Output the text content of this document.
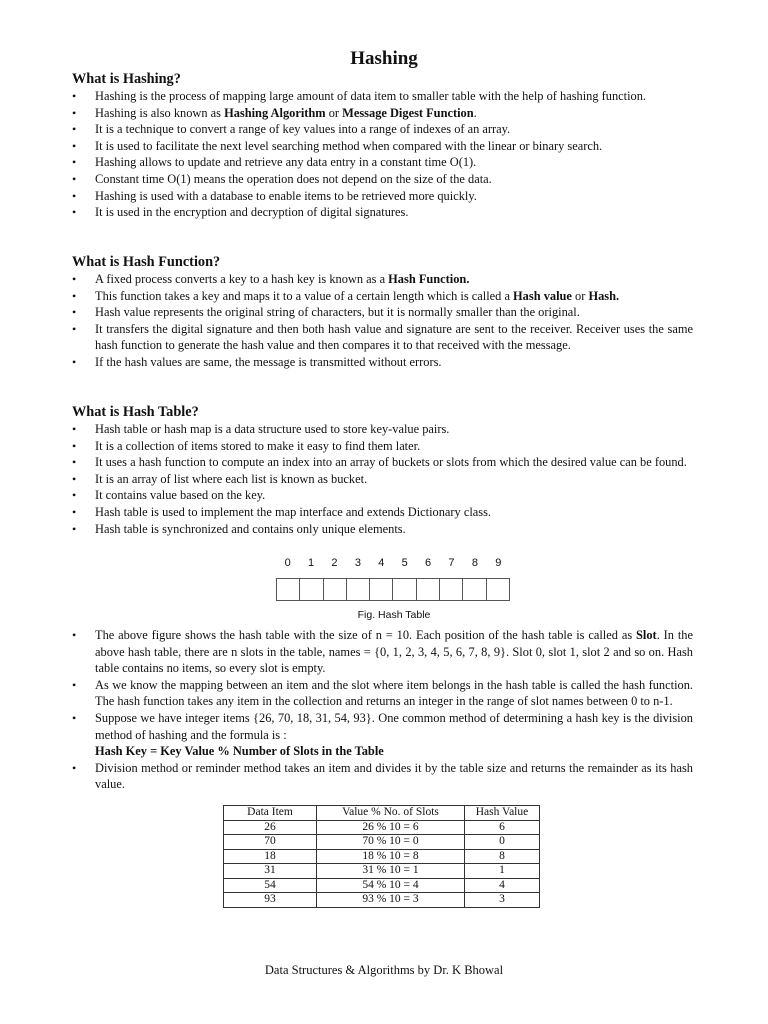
Hashing
What is Hashing?
• Hashing is the process of mapping large amount of data item to smaller table with the help of hashing function.
• Hashing is also known as Hashing Algorithm or Message Digest Function.
• It is a technique to convert a range of key values into a range of indexes of an array.
• It is used to facilitate the next level searching method when compared with the linear or binary search.
• Hashing allows to update and retrieve any data entry in a constant time O(1).
• Constant time O(1) means the operation does not depend on the size of the data.
• Hashing is used with a database to enable items to be retrieved more quickly.
• It is used in the encryption and decryption of digital signatures.
What is Hash Function?
• A fixed process converts a key to a hash key is known as a Hash Function.
• This function takes a key and maps it to a value of a certain length which is called a Hash value or Hash.
• Hash value represents the original string of characters, but it is normally smaller than the original.
• It transfers the digital signature and then both hash value and signature are sent to the receiver. Receiver uses the same hash function to generate the hash value and then compares it to that received with the message.
• If the hash values are same, the message is transmitted without errors.
What is Hash Table?
• Hash table or hash map is a data structure used to store key-value pairs.
• It is a collection of items stored to make it easy to find them later.
• It uses a hash function to compute an index into an array of buckets or slots from which the desired value can be found.
• It is an array of list where each list is known as bucket.
• It contains value based on the key.
• Hash table is used to implement the map interface and extends Dictionary class.
• Hash table is synchronized and contains only unique elements.
0	1	2	3	4	5	6	7	8	9
Fig. Hash Table
• The above figure shows the hash table with the size of n = 10. Each position of the hash table is called as Slot. In the above hash table, there are n slots in the table, names = {0, 1, 2, 3, 4, 5, 6, 7, 8, 9}. Slot 0, slot 1, slot 2 and so on. Hash table contains no items, so every slot is empty.
• As we know the mapping between an item and the slot where item belongs in the hash table is called the hash function. The hash function takes any item in the collection and returns an integer in the range of slot names between 0 to n-1.
• Suppose we have integer items {26, 70, 18, 31, 54, 93}. One common method of determining a hash key is the division method of hashing and the formula is :
Hash Key = Key Value % Number of Slots in the Table
• Division method or reminder method takes an item and divides it by the table size and returns the remainder as its hash value.
Data Item	Value % No. of Slots	Hash Value
26	26 % 10 = 6	6
70	70 % 10 = 0	0
18	18 % 10 = 8	8
31	31 % 10 = 1	1
54	54 % 10 = 4	4
93	93 % 10 = 3	3
Data Structures & Algorithms by Dr. K Bhowal
